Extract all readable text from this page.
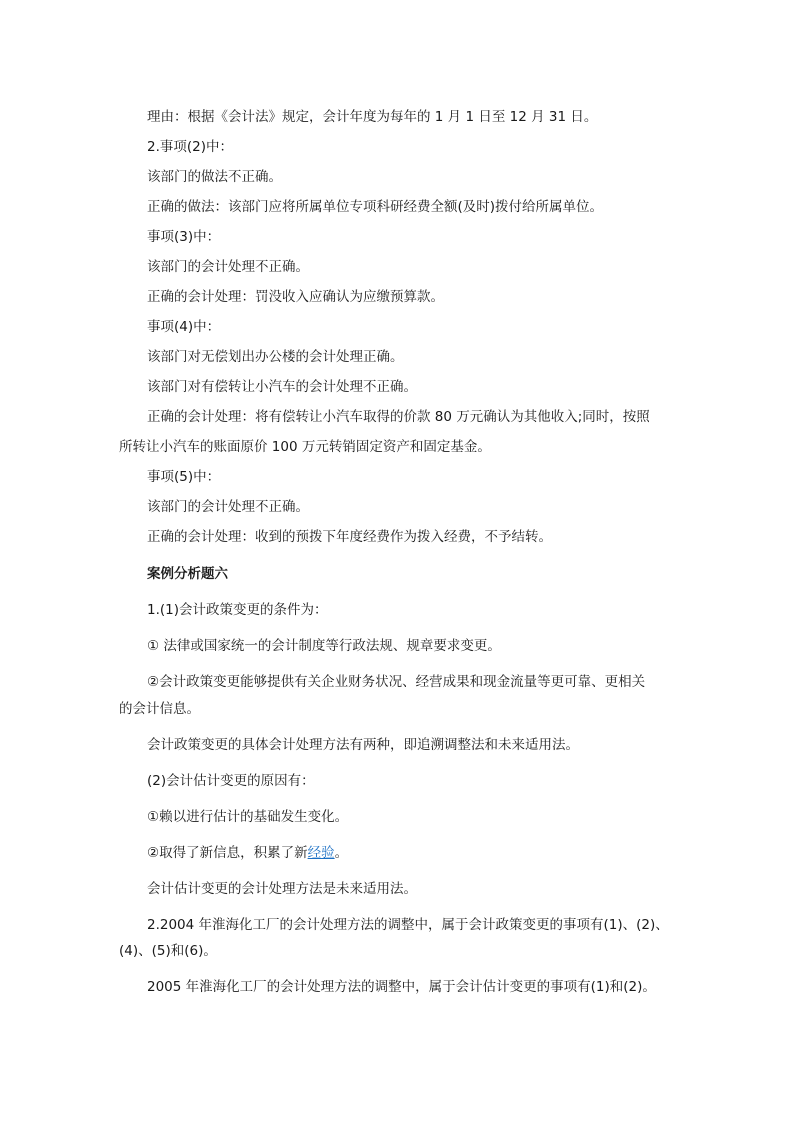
理由：根据《会计法》规定，会计年度为每年的 1 月 1 日至 12 月 31 日。
2.事项(2)中：
该部门的做法不正确。
正确的做法：该部门应将所属单位专项科研经费全额(及时)拨付给所属单位。
事项(3)中：
该部门的会计处理不正确。
正确的会计处理：罚没收入应确认为应缴预算款。
事项(4)中：
该部门对无偿划出办公楼的会计处理正确。
该部门对有偿转让小汽车的会计处理不正确。
正确的会计处理：将有偿转让小汽车取得的价款 80 万元确认为其他收入;同时，按照
所转让小汽车的账面原价 100 万元转销固定资产和固定基金。
事项(5)中：
该部门的会计处理不正确。
正确的会计处理：收到的预拨下年度经费作为拨入经费，不予结转。
案例分析题六
1.(1)会计政策变更的条件为：
① 法律或国家统一的会计制度等行政法规、规章要求变更。
②会计政策变更能够提供有关企业财务状况、经营成果和现金流量等更可靠、更相关
的会计信息。
会计政策变更的具体会计处理方法有两种，即追溯调整法和未来适用法。
(2)会计估计变更的原因有：
①赖以进行估计的基础发生变化。
②取得了新信息，积累了新经验。
会计估计变更的会计处理方法是未来适用法。
2.2004 年淮海化工厂的会计处理方法的调整中，属于会计政策变更的事项有(1)、(2)、
(4)、(5)和(6)。
2005 年淮海化工厂的会计处理方法的调整中，属于会计估计变更的事项有(1)和(2)。
